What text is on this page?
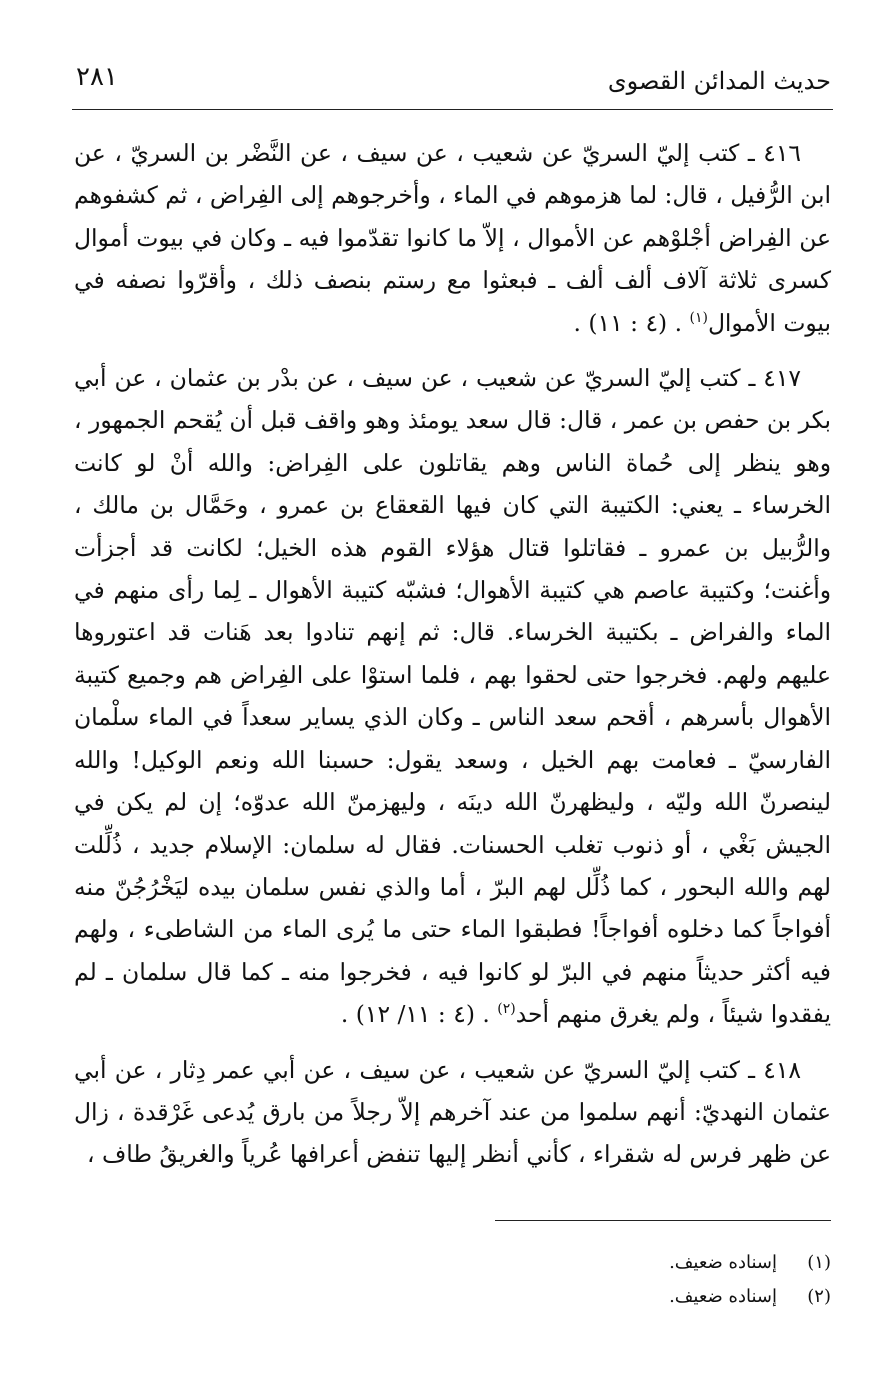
حديث المدائن القصوى
٢٨١

٤١٦ ـ كتب إليّ السريّ عن شعيب ، عن سيف ، عن النَّضْر بن السريّ ، عن ابن الرُّفيل ، قال: لما هزموهم في الماء ، وأخرجوهم إلى الفِراض ، ثم كشفوهم عن الفِراض أجْلوْهم عن الأموال ، إلاّ ما كانوا تقدّموا فيه ـ وكان في بيوت أموال كسرى ثلاثة آلاف ألف ألف ـ فبعثوا مع رستم بنصف ذلك ، وأقرّوا نصفه في بيوت الأموال$^{(١)}$ . (٤ : ١١) .

٤١٧ ـ كتب إليّ السريّ عن شعيب ، عن سيف ، عن بدْر بن عثمان ، عن أبي بكر بن حفص بن عمر ، قال: قال سعد يومئذ وهو واقف قبل أن يُقحم الجمهور ، وهو ينظر إلى حُماة الناس وهم يقاتلون على الفِراض: والله أنْ لو كانت الخرساء ـ يعني: الكتيبة التي كان فيها القعقاع بن عمرو ، وحَمَّال بن مالك ، والرُّبيل بن عمرو ـ فقاتلوا قتال هؤلاء القوم هذه الخيل؛ لكانت قد أجزأت وأغنت؛ وكتيبة عاصم هي كتيبة الأهوال؛ فشبّه كتيبة الأهوال ـ لِما رأى منهم في الماء والفراض ـ بكتيبة الخرساء. قال: ثم إنهم تنادوا بعد هَنات قد اعتوروها عليهم ولهم. فخرجوا حتى لحقوا بهم ، فلما استوْا على الفِراض هم وجميع كتيبة الأهوال بأسرهم ، أقحم سعد الناس ـ وكان الذي يساير سعداً في الماء سلْمان الفارسيّ ـ فعامت بهم الخيل ، وسعد يقول: حسبنا الله ونعم الوكيل! والله لينصرنّ الله وليّه ، وليظهرنّ الله دينَه ، وليهزمنّ الله عدوّه؛ إن لم يكن في الجيش بَغْي ، أو ذنوب تغلب الحسنات. فقال له سلمان: الإسلام جديد ، ذُلِّلت لهم والله البحور ، كما ذُلِّل لهم البرّ ، أما والذي نفس سلمان بيده ليَخْرُجُنّ منه أفواجاً كما دخلوه أفواجاً! فطبقوا الماء حتى ما يُرى الماء من الشاطىء ، ولهم فيه أكثر حديثاً منهم في البرّ لو كانوا فيه ، فخرجوا منه ـ كما قال سلمان ـ لم يفقدوا شيئاً ، ولم يغرق منهم أحد$^{(٢)}$ . (٤ : ١١/ ١٢) .

٤١٨ ـ كتب إليّ السريّ عن شعيب ، عن سيف ، عن أبي عمر دِثار ، عن أبي عثمان النهديّ: أنهم سلموا من عند آخرهم إلاّ رجلاً من بارق يُدعى غَرْقدة ، زال عن ظهر فرس له شقراء ، كأني أنظر إليها تنفض أعرافها عُرياً والغريقُ طاف ،

(١)
إسناده ضعيف.
(٢)
إسناده ضعيف.
